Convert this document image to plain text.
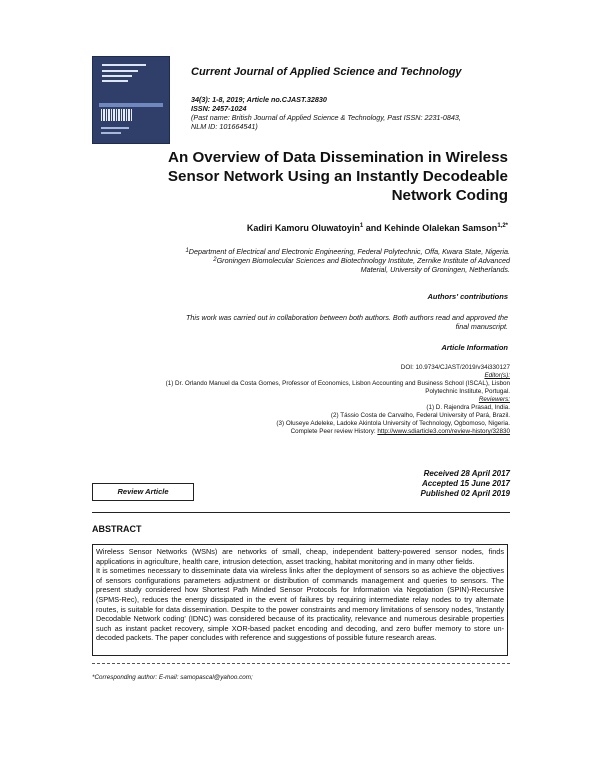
Current Journal of Applied Science and Technology
34(3): 1-8, 2019; Article no.CJAST.32830
ISSN: 2457-1024
(Past name: British Journal of Applied Science & Technology, Past ISSN: 2231-0843,
NLM ID: 101664541)
An Overview of Data Dissemination in Wireless
Sensor Network Using an Instantly Decodeable
Network Coding
Kadiri Kamoru Oluwatoyin$^1$ and Kehinde Olalekan Samson$^{1,2*}$
$^1$Department of Electrical and Electronic Engineering, Federal Polytechnic, Offa, Kwara State, Nigeria.
$^2$Groningen Biomolecular Sciences and Biotechnology Institute, Zernike Institute of Advanced
Material, University of Groningen, Netherlands.
Authors' contributions
This work was carried out in collaboration between both authors. Both authors read and approved the
final manuscript.
Article Information
DOI: 10.9734/CJAST/2019/v34i330127
Editor(s):
(1) Dr. Orlando Manuel da Costa Gomes, Professor of Economics, Lisbon Accounting and Business School (ISCAL), Lisbon
Polytechnic Institute, Portugal.
Reviewers:
(1) D. Rajendra Prasad, India.
(2) Tássio Costa de Carvalho, Federal University of Pará, Brazil.
(3) Oluseye Adeleke, Ladoke Akintola University of Technology, Ogbomoso, Nigeria.
Complete Peer review History: http://www.sdiarticle3.com/review-history/32830
Received 28 April 2017
Accepted 15 June 2017
Published 02 April 2019
Review Article
ABSTRACT

Wireless Sensor Networks (WSNs) are networks of small, cheap, independent battery-powered sensor nodes, finds applications in agriculture, health care, intrusion detection, asset tracking, habitat monitoring and in many other fields.

It is sometimes necessary to disseminate data via wireless links after the deployment of sensors so as achieve the objectives of sensors configurations parameters adjustment or distribution of commands management and queries to sensors. The present study considered how Shortest Path Minded Sensor Protocols for Information via Negotiation (SPIN)-Recursive (SPMS-Rec), reduces the energy dissipated in the event of failures by requiring intermediate relay nodes to try alternate routes, is suitable for data dissemination. Despite to the power constraints and memory limitations of sensory nodes, 'Instantly Decodable Network coding' (IDNC) was considered because of its practicality, relevance and numerous desirable properties such as instant packet recovery, simple XOR-based packet encoding and decoding, and zero buffer memory to store un-decoded packets. The paper concludes with reference and suggestions of possible future research areas.

*Corresponding author: E-mail: samopascal@yahoo.com;
